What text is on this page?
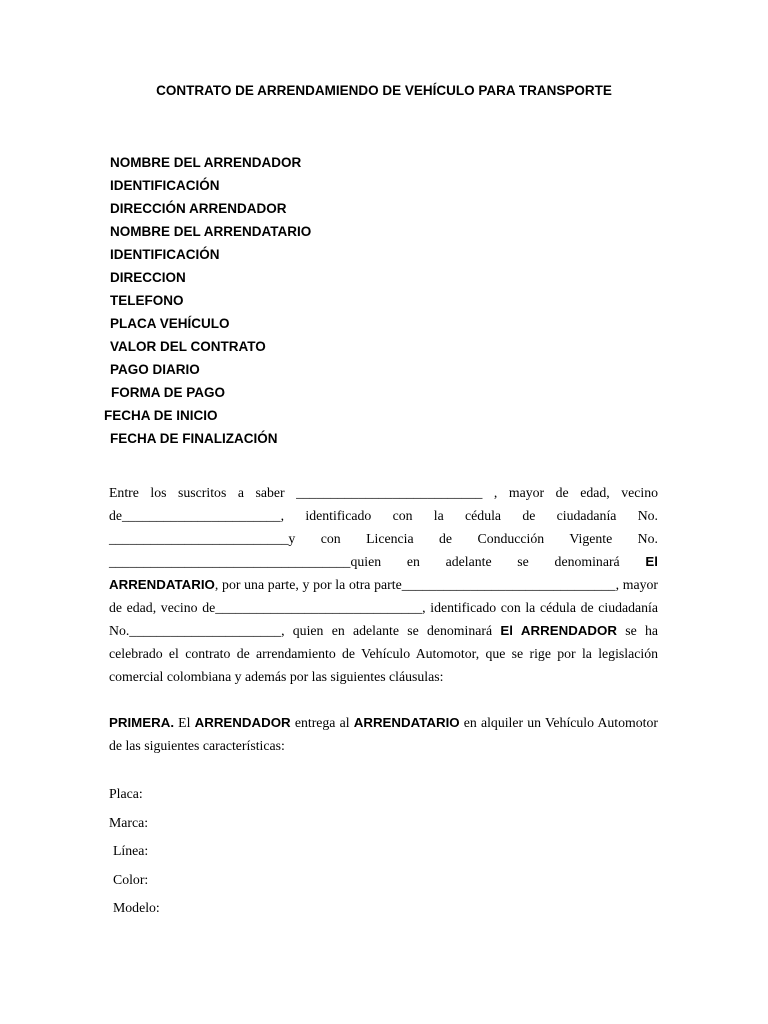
CONTRATO DE ARRENDAMIENDO DE VEHÍCULO PARA TRANSPORTE
NOMBRE DEL ARRENDADOR
IDENTIFICACIÓN
DIRECCIÓN ARRENDADOR
NOMBRE DEL ARRENDATARIO
IDENTIFICACIÓN
DIRECCION
TELEFONO
PLACA VEHÍCULO
VALOR DEL CONTRATO
PAGO DIARIO
FORMA DE PAGO
FECHA DE INICIO
FECHA DE FINALIZACIÓN
Entre los suscritos a saber ___________________________ , mayor de edad, vecino de_______________________, identificado con la cédula de ciudadanía No. __________________________y con Licencia de Conducción Vigente No. ___________________________________quien en adelante se denominará El ARRENDATARIO, por una parte, y por la otra parte_______________________________, mayor de edad, vecino de______________________________, identificado con la cédula de ciudadanía No.______________________, quien en adelante se denominará El ARRENDADOR se ha celebrado el contrato de arrendamiento de Vehículo Automotor, que se rige por la legislación comercial colombiana y además por las siguientes cláusulas:
PRIMERA. El ARRENDADOR entrega al ARRENDATARIO en alquiler un Vehículo Automotor de las siguientes características:
Placa:
Marca:
Línea:
Color:
Modelo:
